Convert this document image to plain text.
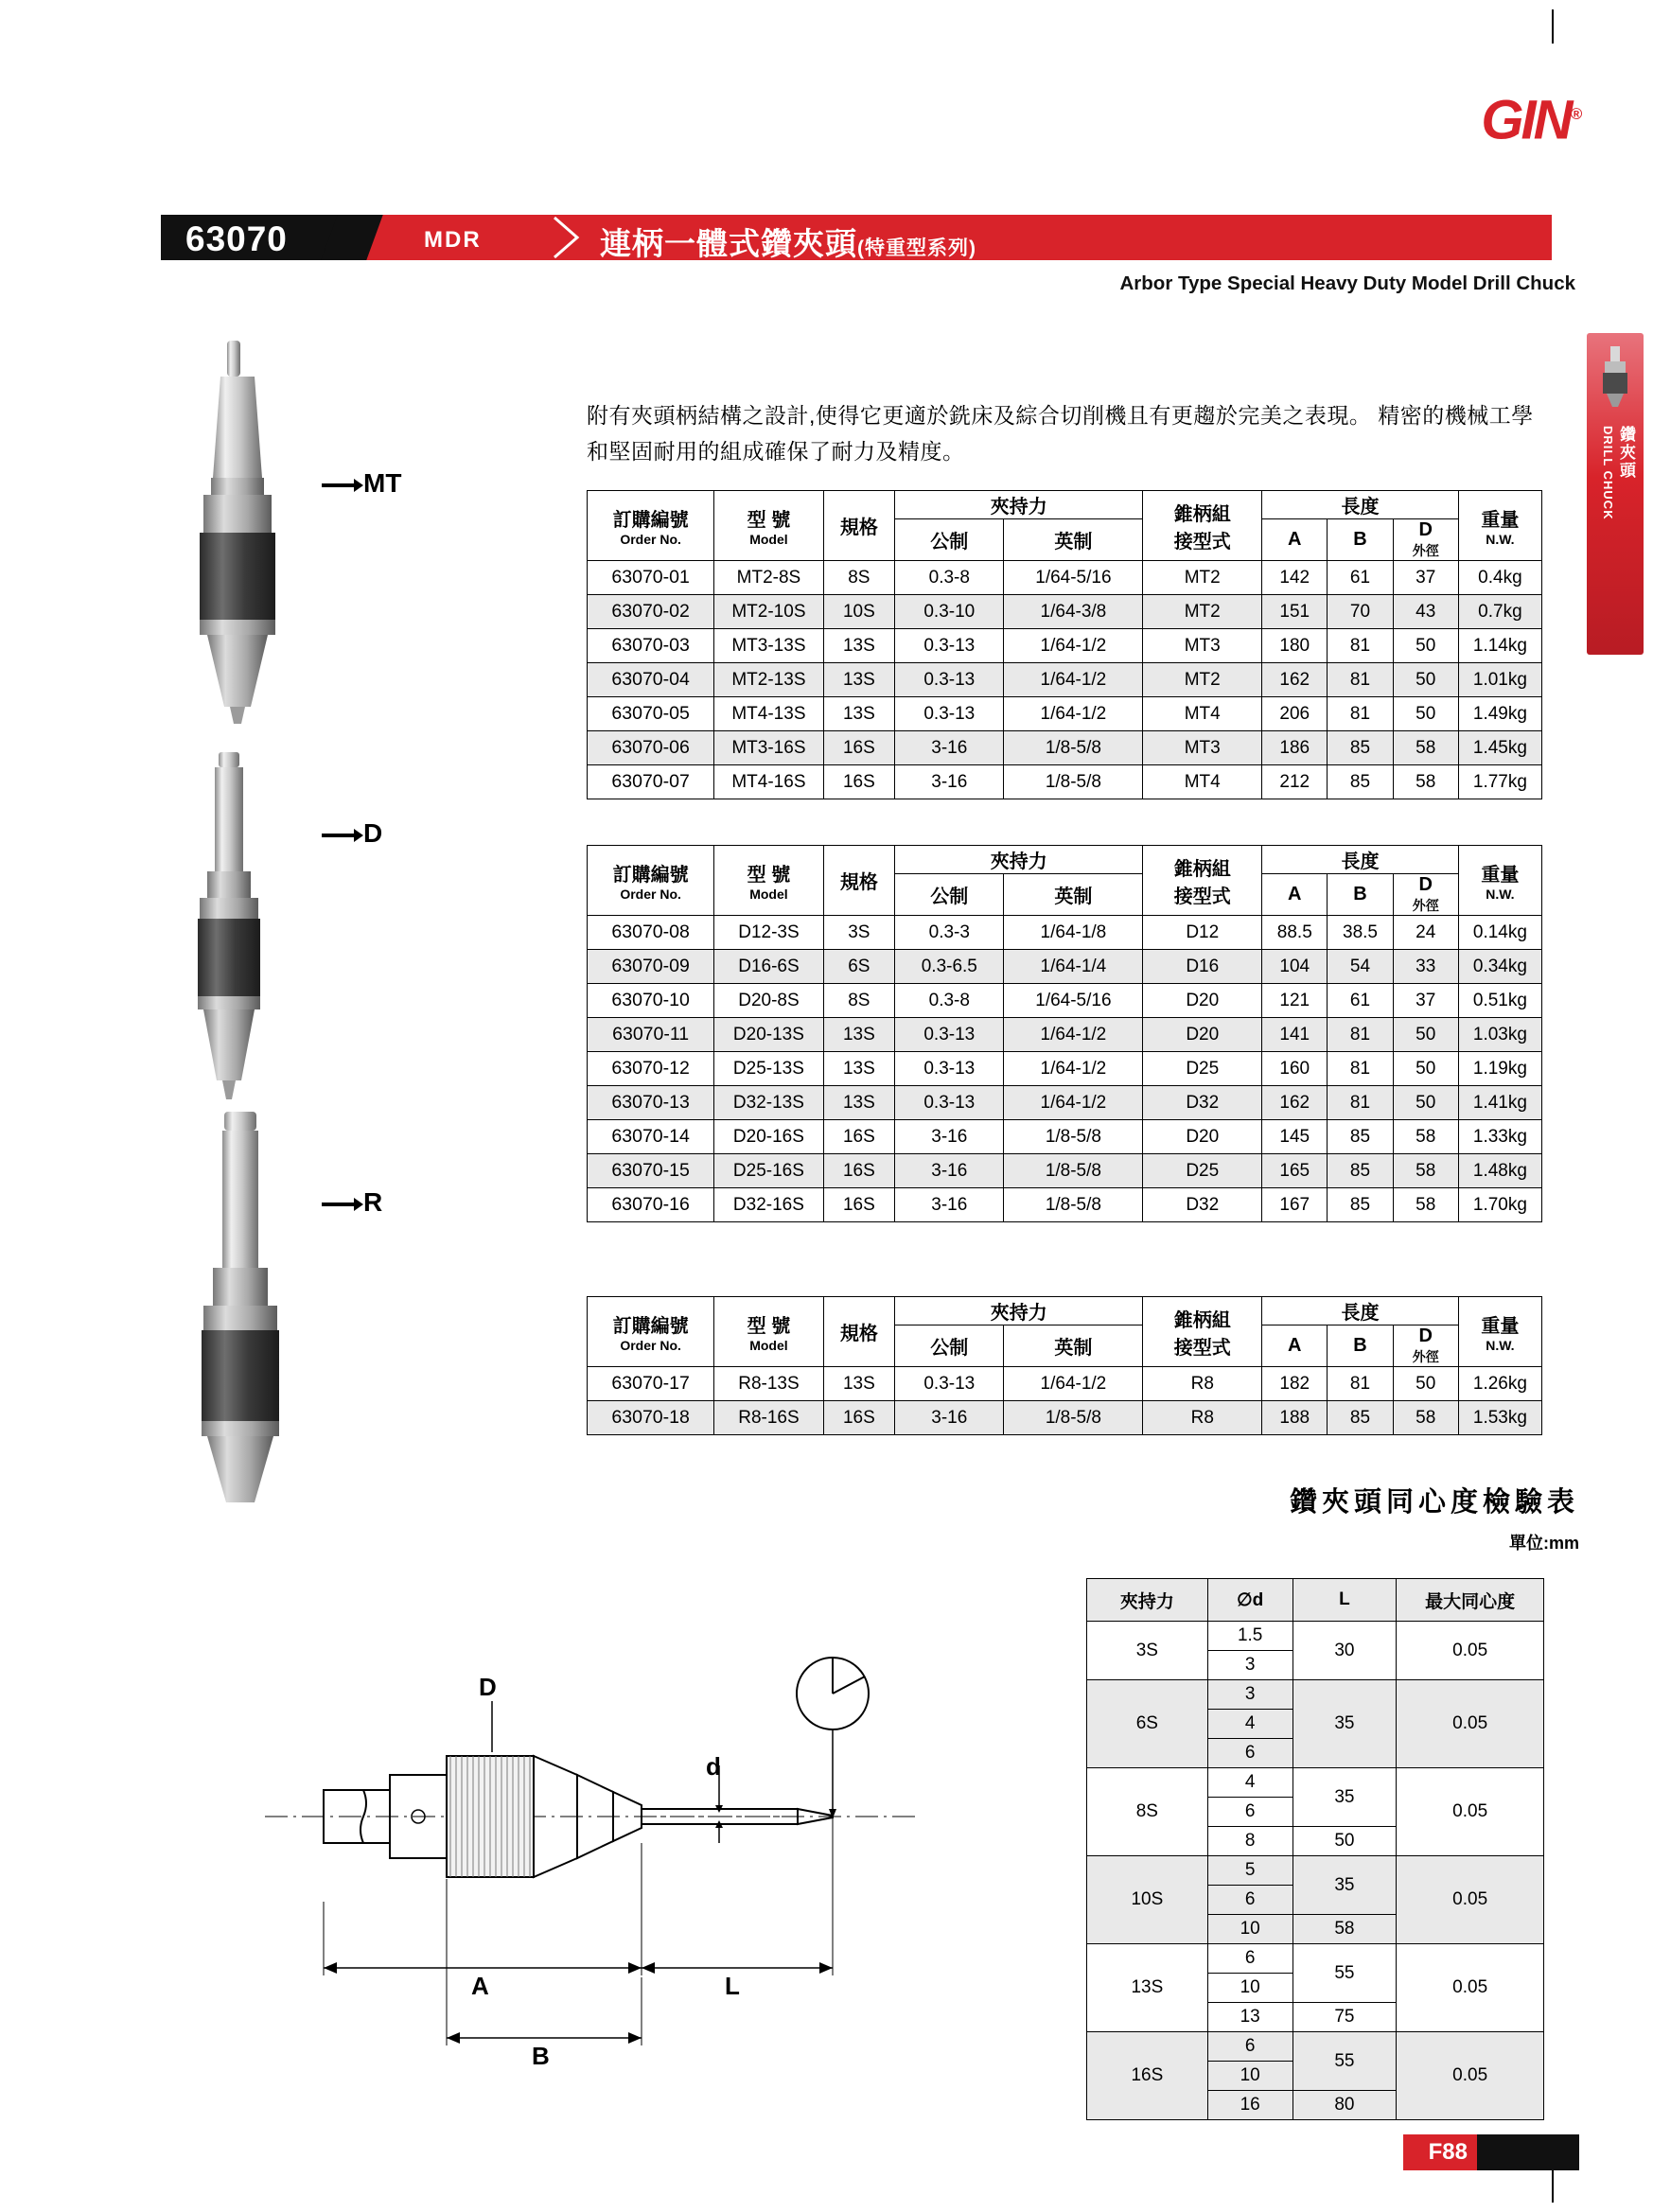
GIN®
63070	MDR	連柄一體式鑽夾頭(特重型系列)
Arbor Type Special Heavy Duty Model Drill Chuck
DRILL CHUCK 鑽夾頭
MT
D
R
附有夾頭柄結構之設計,使得它更適於銑床及綜合切削機且有更趨於完美之表現。 精密的機械工學和堅固耐用的組成確保了耐力及精度。
訂購編號
Order No.

型 號
Model
	規格	夾持力	錐柄組
接型式
	長度	
重量
N.W.

			公制	英制		A	B	D
外徑	

63070-01	MT2-8S	8S	0.3-8	1/64-5/16	MT2	142	61	37	0.4kg
63070-02	MT2-10S	10S	0.3-10	1/64-3/8	MT2	151	70	43	0.7kg
63070-03	MT3-13S	13S	0.3-13	1/64-1/2	MT3	180	81	50	1.14kg
63070-04	MT2-13S	13S	0.3-13	1/64-1/2	MT2	162	81	50	1.01kg
63070-05	MT4-13S	13S	0.3-13	1/64-1/2	MT4	206	81	50	1.49kg
63070-06	MT3-16S	16S	3-16	1/8-5/8	MT3	186	85	58	1.45kg
63070-07	MT4-16S	16S	3-16	1/8-5/8	MT4	212	85	58	1.77kg
訂購編號
Order No.

型 號
Model
	規格	夾持力	錐柄組
接型式
	長度	
重量
N.W.

			公制	英制		A	B	D
外徑	

63070-08	D12-3S	3S	0.3-3	1/64-1/8	D12	88.5	38.5	24	0.14kg
63070-09	D16-6S	6S	0.3-6.5	1/64-1/4	D16	104	54	33	0.34kg
63070-10	D20-8S	8S	0.3-8	1/64-5/16	D20	121	61	37	0.51kg
63070-11	D20-13S	13S	0.3-13	1/64-1/2	D20	141	81	50	1.03kg
63070-12	D25-13S	13S	0.3-13	1/64-1/2	D25	160	81	50	1.19kg
63070-13	D32-13S	13S	0.3-13	1/64-1/2	D32	162	81	50	1.41kg
63070-14	D20-16S	16S	3-16	1/8-5/8	D20	145	85	58	1.33kg
63070-15	D25-16S	16S	3-16	1/8-5/8	D25	165	85	58	1.48kg
63070-16	D32-16S	16S	3-16	1/8-5/8	D32	167	85	58	1.70kg
訂購編號
Order No.

型 號
Model
	規格	夾持力	錐柄組
接型式
	長度	
重量
N.W.

			公制	英制		A	B	D
外徑	

63070-17	R8-13S	13S	0.3-13	1/64-1/2	R8	182	81	50	1.26kg
63070-18	R8-16S	16S	3-16	1/8-5/8	R8	188	85	58	1.53kg
鑽夾頭同心度檢驗表
單位:mm
夾持力	∅d	L	最大同心度
3S	1.5	30	0.05
	3		
6S	3	35	0.05
	4		
	6		
8S	4	35	0.05
	6		
	8	50	
10S	5	35	0.05
	6		
	10	58	
13S	6	55	0.05
	10		
	13	75	
16S	6	55	0.05
	10		
	16	80	
D
d
A	L
B
F88
